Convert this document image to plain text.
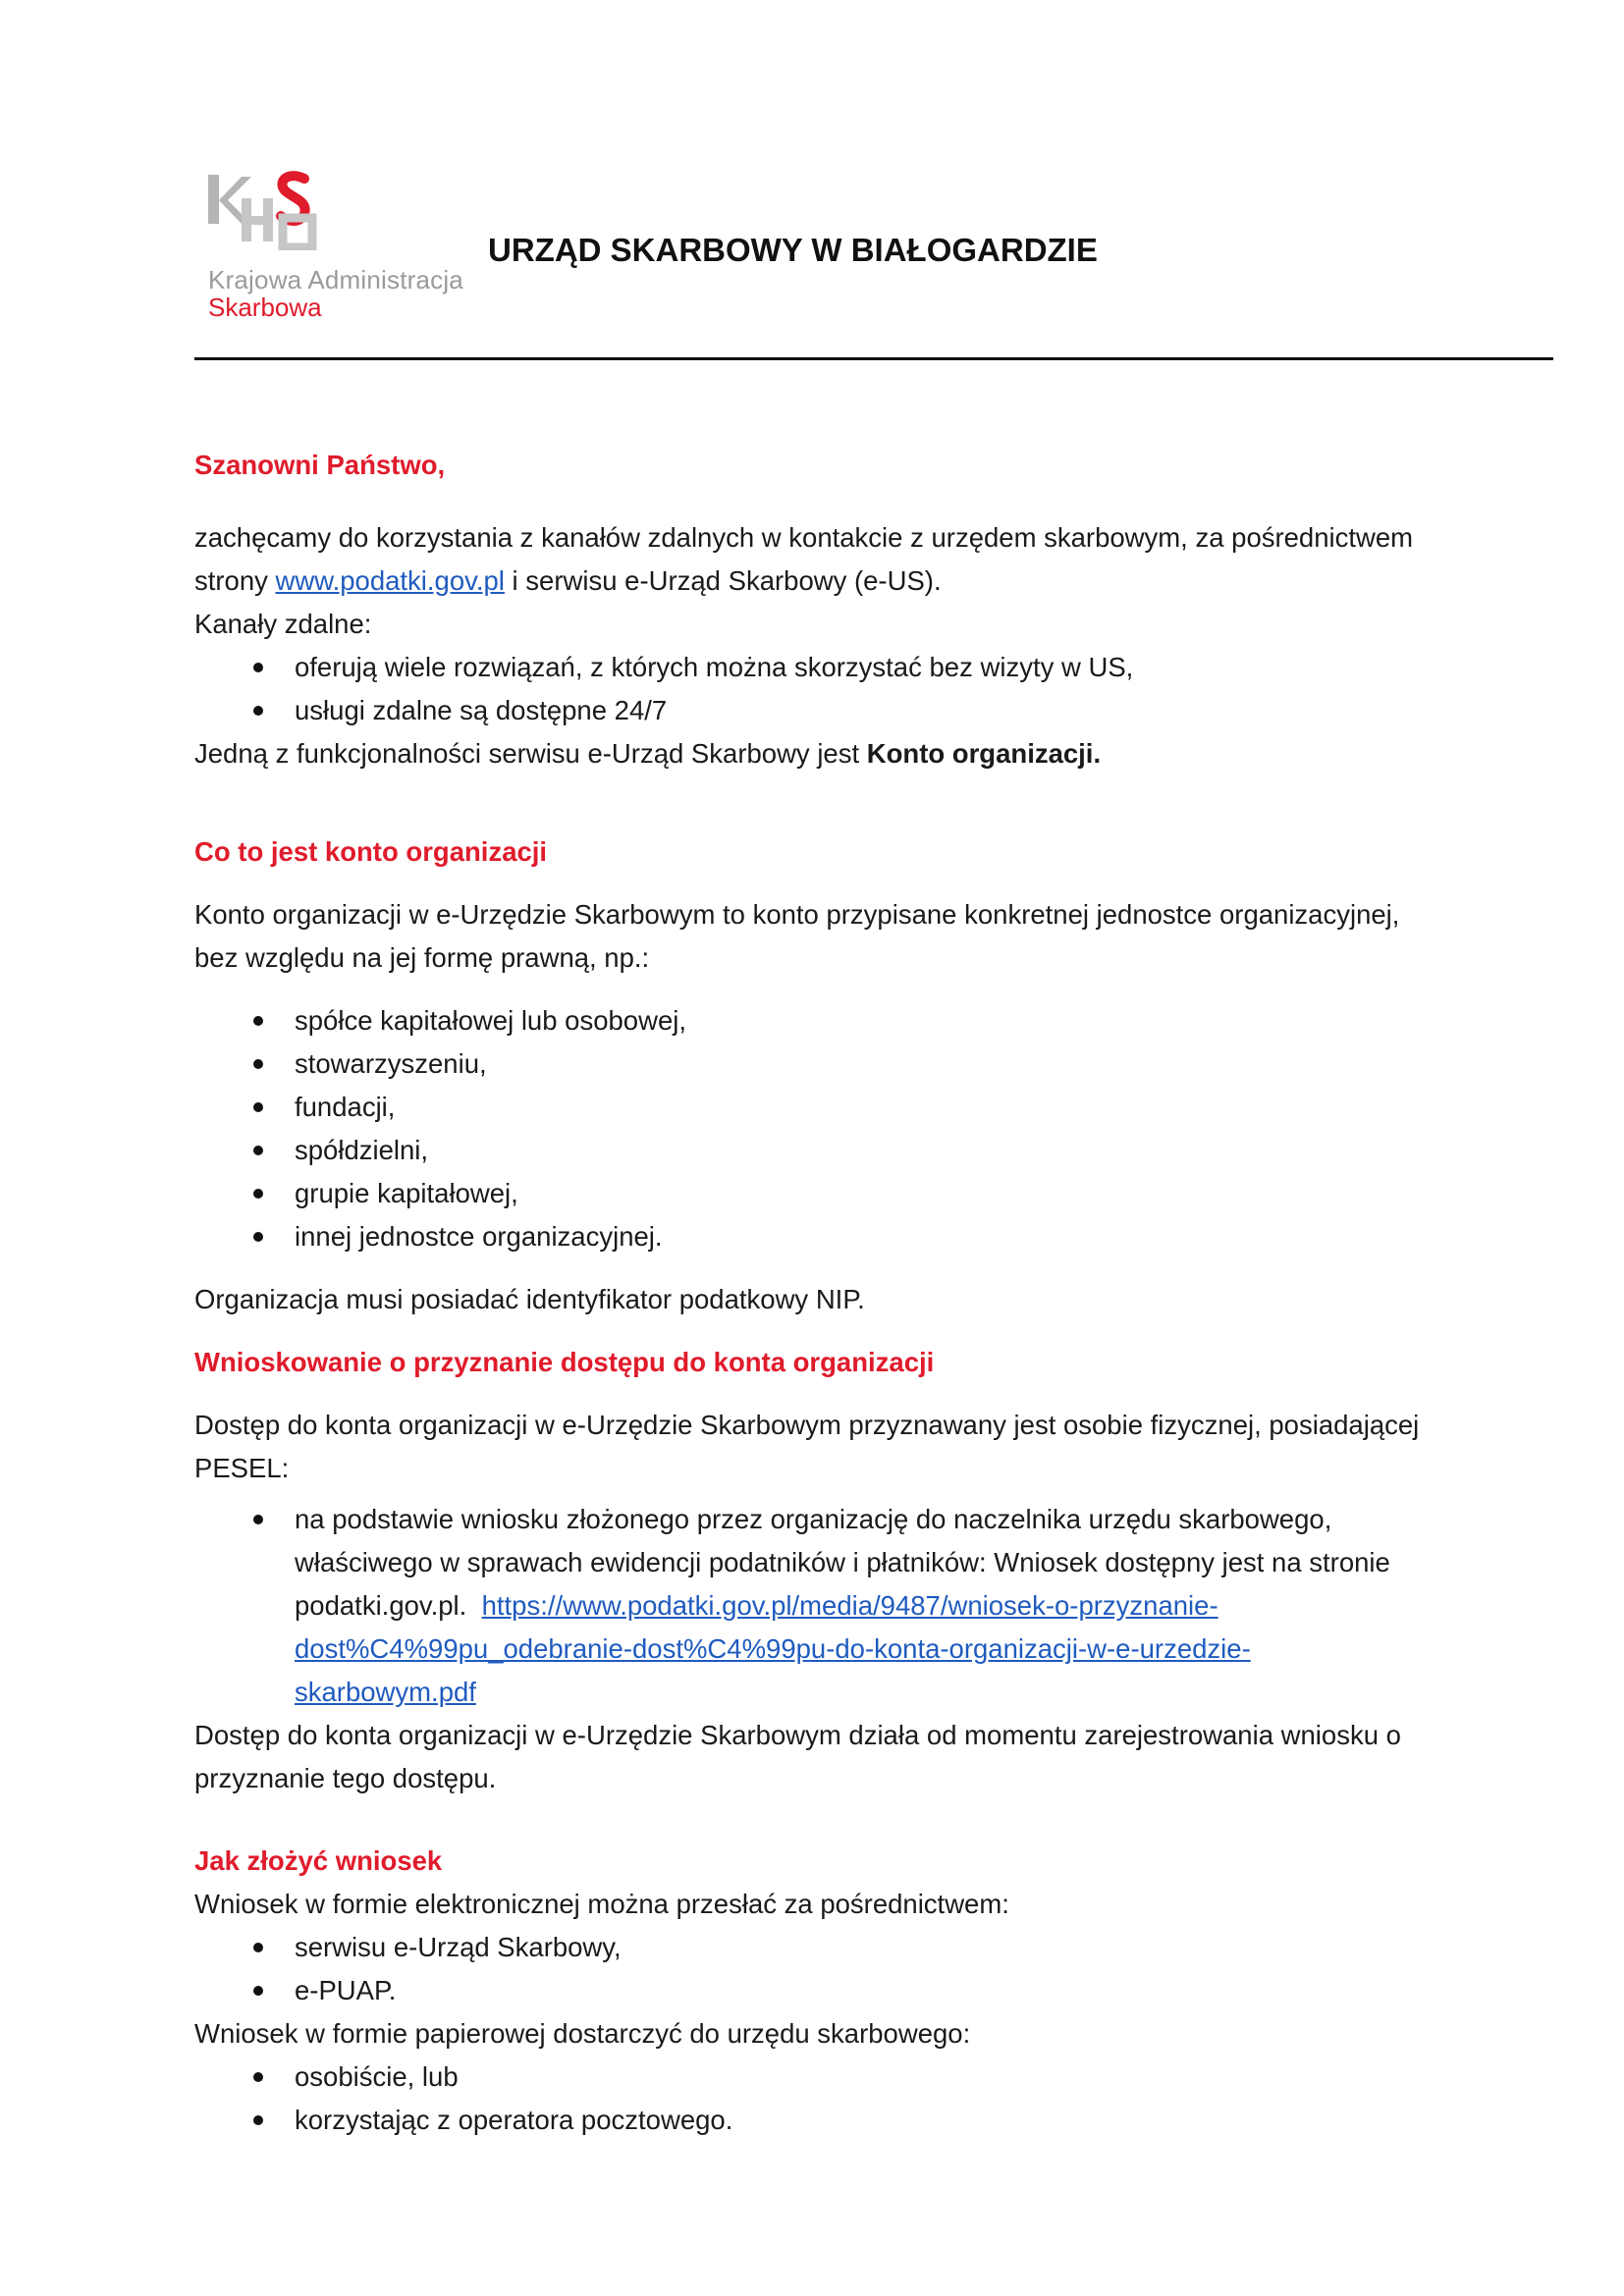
Krajowa Administracja
Skarbowa
URZĄD SKARBOWY W BIAŁOGARDZIE

Szanowni Państwo,

zachęcamy do korzystania z kanałów zdalnych w kontakcie z urzędem skarbowym, za pośrednictwem

strony www.podatki.gov.pl i serwisu e-Urząd Skarbowy (e-US).

Kanały zdalne:

oferują wiele rozwiązań, z których można skorzystać bez wizyty w US,
usługi zdalne są dostępne 24/7

Jedną z funkcjonalności serwisu e-Urząd Skarbowy jest Konto organizacji.

Co to jest konto organizacji

Konto organizacji w e-Urzędzie Skarbowym to konto przypisane konkretnej jednostce organizacyjnej,

bez względu na jej formę prawną, np.:

spółce kapitałowej lub osobowej,
stowarzyszeniu,
fundacji,
spółdzielni,
grupie kapitałowej,
innej jednostce organizacyjnej.

Organizacja musi posiadać identyfikator podatkowy NIP.

Wnioskowanie o przyznanie dostępu do konta organizacji

Dostęp do konta organizacji w e-Urzędzie Skarbowym przyznawany jest osobie fizycznej, posiadającej

PESEL:

na podstawie wniosku złożonego przez organizację do naczelnika urzędu skarbowego,
właściwego w sprawach ewidencji podatników i płatników: Wniosek dostępny jest na stronie
podatki.gov.pl.  https://www.podatki.gov.pl/media/9487/wniosek-o-przyznanie-
dost%C4%99pu_odebranie-dost%C4%99pu-do-konta-organizacji-w-e-urzedzie-
skarbowym.pdf

Dostęp do konta organizacji w e-Urzędzie Skarbowym działa od momentu zarejestrowania wniosku o

przyznanie tego dostępu.

Jak złożyć wniosek

Wniosek w formie elektronicznej można przesłać za pośrednictwem:

serwisu e-Urząd Skarbowy,
e-PUAP.

Wniosek w formie papierowej dostarczyć do urzędu skarbowego:

osobiście, lub
korzystając z operatora pocztowego.
